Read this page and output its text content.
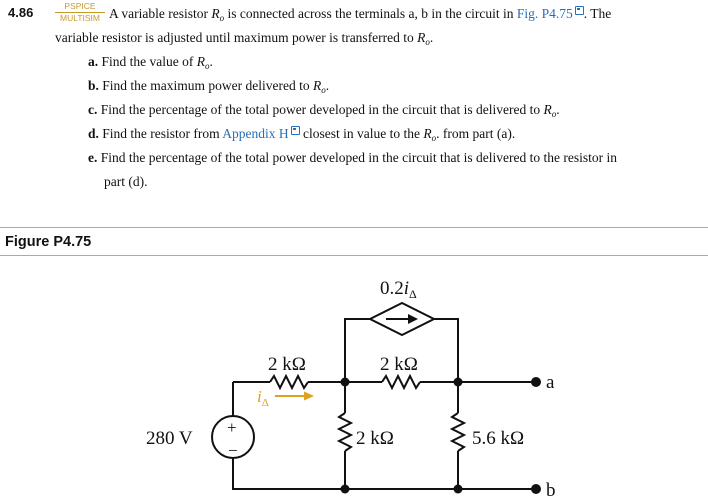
4.86	PSPICE
MULTISIM A variable resistor $R_o$ is connected across the terminals a, b in the circuit in Fig. P4.75 . The
variable resistor is adjusted until maximum power is transferred to $R_o$.
a. Find the value of $R_o$.
b. Find the maximum power delivered to $R_o$.
c. Find the percentage of the total power developed in the circuit that is delivered to $R_o$.
d. Find the resistor from Appendix H closest in value to the $R_o$. from part (a).
e. Find the percentage of the total power developed in the circuit that is delivered to the resistor in
part (d).
Figure P4.75
+
−
280 V
2 kΩ	2 kΩ
2 kΩ	5.6 kΩ
a
b
$0.2i_\Delta$
$i_\Delta$
